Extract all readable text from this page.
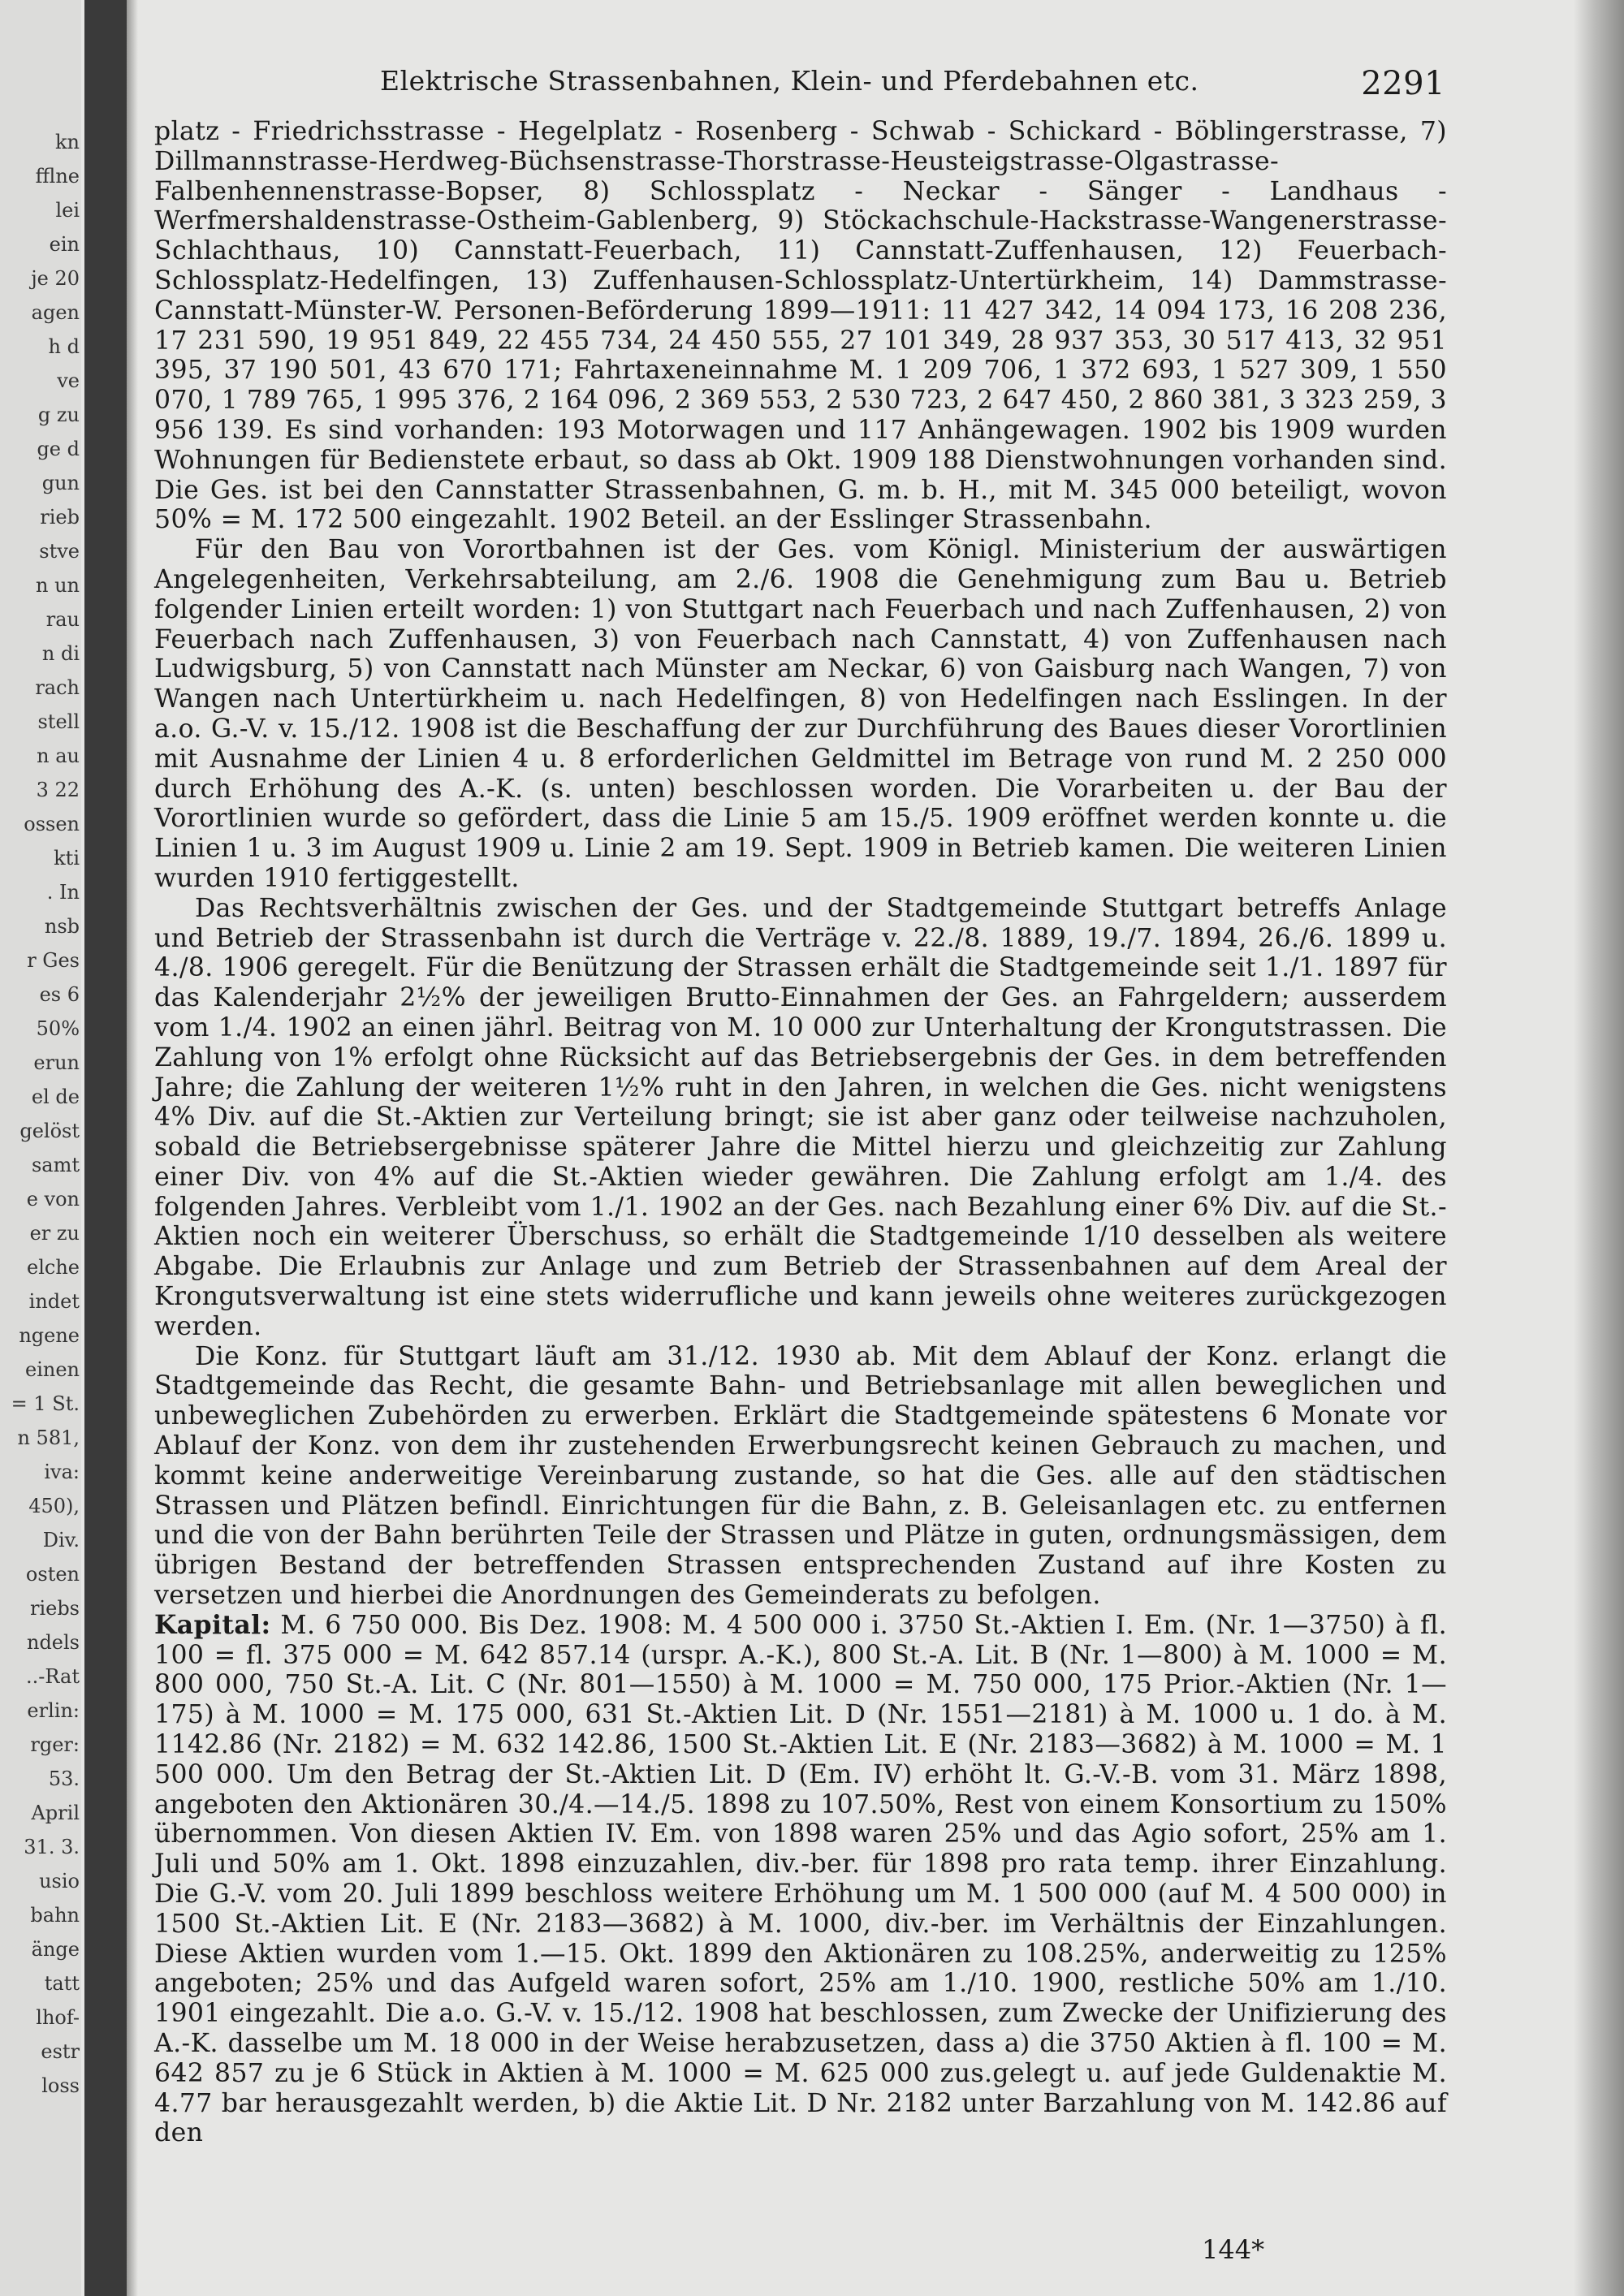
kn
fflne
lei
ein
je 20
agen
h d
ve
g zu
ge d
gun
rieb
stve
n un
rau
n di
rach
stell
n au
3 22
ossen
kti
. In
nsb
r Ges
es 6
50%
erun
el de
gelöst
samt
e von
er zu
elche
indet
ngene
einen
= 1 St.
n 581,
iva:
450),
Div.
osten
riebs
ndels
..-Rat
erlin:
rger:
53.
April
31. 3.
usio
bahn
änge
tatt
lhof-
estr
loss
Elektrische Strassenbahnen, Klein- und Pferdebahnen etc.	2291

platz - Friedrichsstrasse - Hegelplatz - Rosenberg - Schwab - Schickard - Böblingerstrasse, 7) Dillmannstrasse-Herdweg-Büchsenstrasse-Thorstrasse-Heusteigstrasse-Olgastrasse-Falbenhennenstrasse-Bopser, 8) Schlossplatz - Neckar - Sänger - Landhaus - Werfmershaldenstrasse-Ostheim-Gablenberg, 9) Stöckachschule-Hackstrasse-Wangenerstrasse-Schlachthaus, 10) Cannstatt-Feuerbach, 11) Cannstatt-Zuffenhausen, 12) Feuerbach-Schlossplatz-Hedelfingen, 13) Zuffenhausen-Schlossplatz-Untertürkheim, 14) Dammstrasse-Cannstatt-Münster-W. Personen-Beförderung 1899—1911: 11 427 342, 14 094 173, 16 208 236, 17 231 590, 19 951 849, 22 455 734, 24 450 555, 27 101 349, 28 937 353, 30 517 413, 32 951 395, 37 190 501, 43 670 171; Fahrtaxeneinnahme M. 1 209 706, 1 372 693, 1 527 309, 1 550 070, 1 789 765, 1 995 376, 2 164 096, 2 369 553, 2 530 723, 2 647 450, 2 860 381, 3 323 259, 3 956 139. Es sind vorhanden: 193 Motorwagen und 117 Anhängewagen. 1902 bis 1909 wurden Wohnungen für Bedienstete erbaut, so dass ab Okt. 1909 188 Dienstwohnungen vorhanden sind. Die Ges. ist bei den Cannstatter Strassenbahnen, G. m. b. H., mit M. 345 000 beteiligt, wovon 50% = M. 172 500 eingezahlt. 1902 Beteil. an der Esslinger Strassenbahn.

Für den Bau von Vorortbahnen ist der Ges. vom Königl. Ministerium der auswärtigen Angelegenheiten, Verkehrsabteilung, am 2./6. 1908 die Genehmigung zum Bau u. Betrieb folgender Linien erteilt worden: 1) von Stuttgart nach Feuerbach und nach Zuffenhausen, 2) von Feuerbach nach Zuffenhausen, 3) von Feuerbach nach Cannstatt, 4) von Zuffenhausen nach Ludwigsburg, 5) von Cannstatt nach Münster am Neckar, 6) von Gaisburg nach Wangen, 7) von Wangen nach Untertürkheim u. nach Hedelfingen, 8) von Hedelfingen nach Esslingen. In der a.o. G.-V. v. 15./12. 1908 ist die Beschaffung der zur Durchführung des Baues dieser Vorortlinien mit Ausnahme der Linien 4 u. 8 erforderlichen Geldmittel im Betrage von rund M. 2 250 000 durch Erhöhung des A.-K. (s. unten) beschlossen worden. Die Vorarbeiten u. der Bau der Vorortlinien wurde so gefördert, dass die Linie 5 am 15./5. 1909 eröffnet werden konnte u. die Linien 1 u. 3 im August 1909 u. Linie 2 am 19. Sept. 1909 in Betrieb kamen. Die weiteren Linien wurden 1910 fertiggestellt.

Das Rechtsverhältnis zwischen der Ges. und der Stadtgemeinde Stuttgart betreffs Anlage und Betrieb der Strassenbahn ist durch die Verträge v. 22./8. 1889, 19./7. 1894, 26./6. 1899 u. 4./8. 1906 geregelt. Für die Benützung der Strassen erhält die Stadtgemeinde seit 1./1. 1897 für das Kalenderjahr 2½% der jeweiligen Brutto-Einnahmen der Ges. an Fahrgeldern; ausserdem vom 1./4. 1902 an einen jährl. Beitrag von M. 10 000 zur Unterhaltung der Krongutstrassen. Die Zahlung von 1% erfolgt ohne Rücksicht auf das Betriebsergebnis der Ges. in dem betreffenden Jahre; die Zahlung der weiteren 1½% ruht in den Jahren, in welchen die Ges. nicht wenigstens 4% Div. auf die St.-Aktien zur Verteilung bringt; sie ist aber ganz oder teilweise nachzuholen, sobald die Betriebsergebnisse späterer Jahre die Mittel hierzu und gleichzeitig zur Zahlung einer Div. von 4% auf die St.-Aktien wieder gewähren. Die Zahlung erfolgt am 1./4. des folgenden Jahres. Verbleibt vom 1./1. 1902 an der Ges. nach Bezahlung einer 6% Div. auf die St.-Aktien noch ein weiterer Überschuss, so erhält die Stadtgemeinde 1/10 desselben als weitere Abgabe. Die Erlaubnis zur Anlage und zum Betrieb der Strassenbahnen auf dem Areal der Krongutsverwaltung ist eine stets widerrufliche und kann jeweils ohne weiteres zurückgezogen werden.

Die Konz. für Stuttgart läuft am 31./12. 1930 ab. Mit dem Ablauf der Konz. erlangt die Stadtgemeinde das Recht, die gesamte Bahn- und Betriebsanlage mit allen beweglichen und unbeweglichen Zubehörden zu erwerben. Erklärt die Stadtgemeinde spätestens 6 Monate vor Ablauf der Konz. von dem ihr zustehenden Erwerbungsrecht keinen Gebrauch zu machen, und kommt keine anderweitige Vereinbarung zustande, so hat die Ges. alle auf den städtischen Strassen und Plätzen befindl. Einrichtungen für die Bahn, z. B. Geleisanlagen etc. zu entfernen und die von der Bahn berührten Teile der Strassen und Plätze in guten, ordnungsmässigen, dem übrigen Bestand der betreffenden Strassen entsprechenden Zustand auf ihre Kosten zu versetzen und hierbei die Anordnungen des Gemeinderats zu befolgen.

Kapital: M. 6 750 000. Bis Dez. 1908: M. 4 500 000 i. 3750 St.-Aktien I. Em. (Nr. 1—3750) à fl. 100 = fl. 375 000 = M. 642 857.14 (urspr. A.-K.), 800 St.-A. Lit. B (Nr. 1—800) à M. 1000 = M. 800 000, 750 St.-A. Lit. C (Nr. 801—1550) à M. 1000 = M. 750 000, 175 Prior.-Aktien (Nr. 1—175) à M. 1000 = M. 175 000, 631 St.-Aktien Lit. D (Nr. 1551—2181) à M. 1000 u. 1 do. à M. 1142.86 (Nr. 2182) = M. 632 142.86, 1500 St.-Aktien Lit. E (Nr. 2183—3682) à M. 1000 = M. 1 500 000. Um den Betrag der St.-Aktien Lit. D (Em. IV) erhöht lt. G.-V.-B. vom 31. März 1898, angeboten den Aktionären 30./4.—14./5. 1898 zu 107.50%, Rest von einem Konsortium zu 150% übernommen. Von diesen Aktien IV. Em. von 1898 waren 25% und das Agio sofort, 25% am 1. Juli und 50% am 1. Okt. 1898 einzuzahlen, div.-ber. für 1898 pro rata temp. ihrer Einzahlung. Die G.-V. vom 20. Juli 1899 beschloss weitere Erhöhung um M. 1 500 000 (auf M. 4 500 000) in 1500 St.-Aktien Lit. E (Nr. 2183—3682) à M. 1000, div.-ber. im Verhältnis der Einzahlungen. Diese Aktien wurden vom 1.—15. Okt. 1899 den Aktionären zu 108.25%, anderweitig zu 125% angeboten; 25% und das Aufgeld waren sofort, 25% am 1./10. 1900, restliche 50% am 1./10. 1901 eingezahlt. Die a.o. G.-V. v. 15./12. 1908 hat beschlossen, zum Zwecke der Unifizierung des A.-K. dasselbe um M. 18 000 in der Weise herabzusetzen, dass a) die 3750 Aktien à fl. 100 = M. 642 857 zu je 6 Stück in Aktien à M. 1000 = M. 625 000 zus.gelegt u. auf jede Guldenaktie M. 4.77 bar herausgezahlt werden, b) die Aktie Lit. D Nr. 2182 unter Barzahlung von M. 142.86 auf den

144*
